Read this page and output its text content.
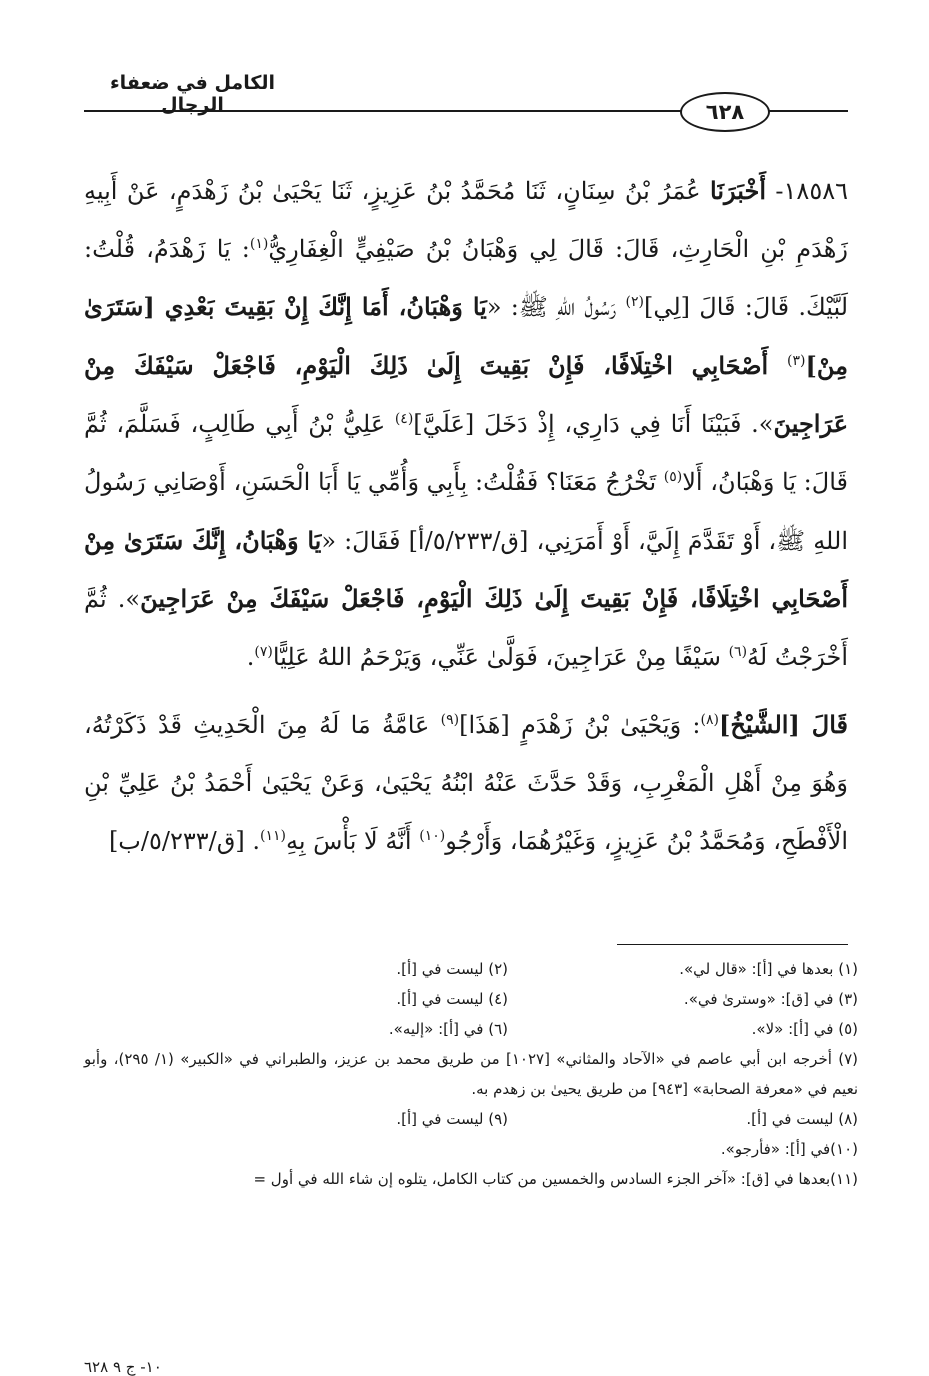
الكامل في ضعفاء الرجال	٦٢٨

١٨٥٨٦- أَخْبَرَنَا عُمَرُ بْنُ سِنَانٍ، ثَنَا مُحَمَّدُ بْنُ عَزِيزٍ، ثَنَا يَحْيَىٰ بْنُ زَهْدَمٍ، عَنْ أَبِيهِ زَهْدَمِ بْنِ الْحَارِثِ، قَالَ: قَالَ لِي وَهْبَانُ بْنُ صَيْفِيٍّ الْغِفَارِيُّ$^{(١)}$: يَا زَهْدَمُ، قُلْتُ: لَبَّيْكَ. قَالَ: قَالَ [لِي]$^{(٢)}$ رَسُولُ اللهِ ﷺ: «يَا وَهْبَانُ، أَمَا إِنَّكَ إِنْ بَقِيتَ بَعْدِي [سَتَرَىٰ مِنْ]$^{(٣)}$ أَصْحَابِي اخْتِلَافًا، فَإِنْ بَقِيتَ إِلَىٰ ذَلِكَ الْيَوْمِ، فَاجْعَلْ سَيْفَكَ مِنْ عَرَاجِينَ». فَبَيْنَا أَنَا فِي دَارِي، إِذْ دَخَلَ [عَلَيَّ]$^{(٤)}$ عَلِيُّ بْنُ أَبِي طَالِبٍ، فَسَلَّمَ، ثُمَّ قَالَ: يَا وَهْبَانُ، أَلا$^{(٥)}$ تَخْرُجُ مَعَنَا؟ فَقُلْتُ: بِأَبِي وَأُمِّي يَا أَبَا الْحَسَنِ، أَوْصَانِي رَسُولُ اللهِ ﷺ، أَوْ تَقَدَّمَ إِلَيَّ، أَوْ أَمَرَنِي، [ق/٥/٢٣٣/أ] فَقَالَ: «يَا وَهْبَانُ، إِنَّكَ سَتَرَىٰ مِنْ أَصْحَابِي اخْتِلَافًا، فَإِنْ بَقِيتَ إِلَىٰ ذَلِكَ الْيَوْمِ، فَاجْعَلْ سَيْفَكَ مِنْ عَرَاجِينَ». ثُمَّ أَخْرَجْتُ لَهُ$^{(٦)}$ سَيْفًا مِنْ عَرَاجِينَ، فَوَلَّىٰ عَنِّي، وَيَرْحَمُ اللهُ عَلِيًّا$^{(٧)}$.

قَالَ [الشَّيْخُ]$^{(٨)}$: وَيَحْيَىٰ بْنُ زَهْدَمٍ [هَذَا]$^{(٩)}$ عَامَّةُ مَا لَهُ مِنَ الْحَدِيثِ قَدْ ذَكَرْتُهُ، وَهُوَ مِنْ أَهْلِ الْمَغْرِبِ، وَقَدْ حَدَّثَ عَنْهُ ابْنُهُ يَحْيَىٰ، وَعَنْ يَحْيَىٰ أَحْمَدُ بْنُ عَلِيِّ بْنِ الْأَفْطَحِ، وَمُحَمَّدُ بْنُ عَزِيزٍ، وَغَيْرُهُمَا، وَأَرْجُو$^{(١٠)}$ أَنَّهُ لَا بَأْسَ بِهِ$^{(١١)}$. [ق/٥/٢٣٣/ب]

(١) بعدها في [أ]: «قال لي».
(٢) ليست في [أ].
(٣) في [ق]: «وسترىٰ في».
(٤) ليست في [أ].
(٥) في [أ]: «لا».
(٦) في [أ]: «إليه».
(٧) أخرجه ابن أبي عاصم في «الآحاد والمثاني» [١٠٢٧] من طريق محمد بن عزيز، والطبراني في «الكبير» (١/ ٢٩٥)، وأبو نعيم في «معرفة الصحابة» [٩٤٣] من طريق يحيىٰ بن زهدم به.
(٨) ليست في [أ].
(٩) ليست في [أ].
(١٠)في [أ]: «فأرجو».
(١١)بعدها في [ق]: «آخر الجزء السادس والخمسين من كتاب الكامل، يتلوه إن شاء الله في أول =
١٠- ج ٩ ٦٢٨
